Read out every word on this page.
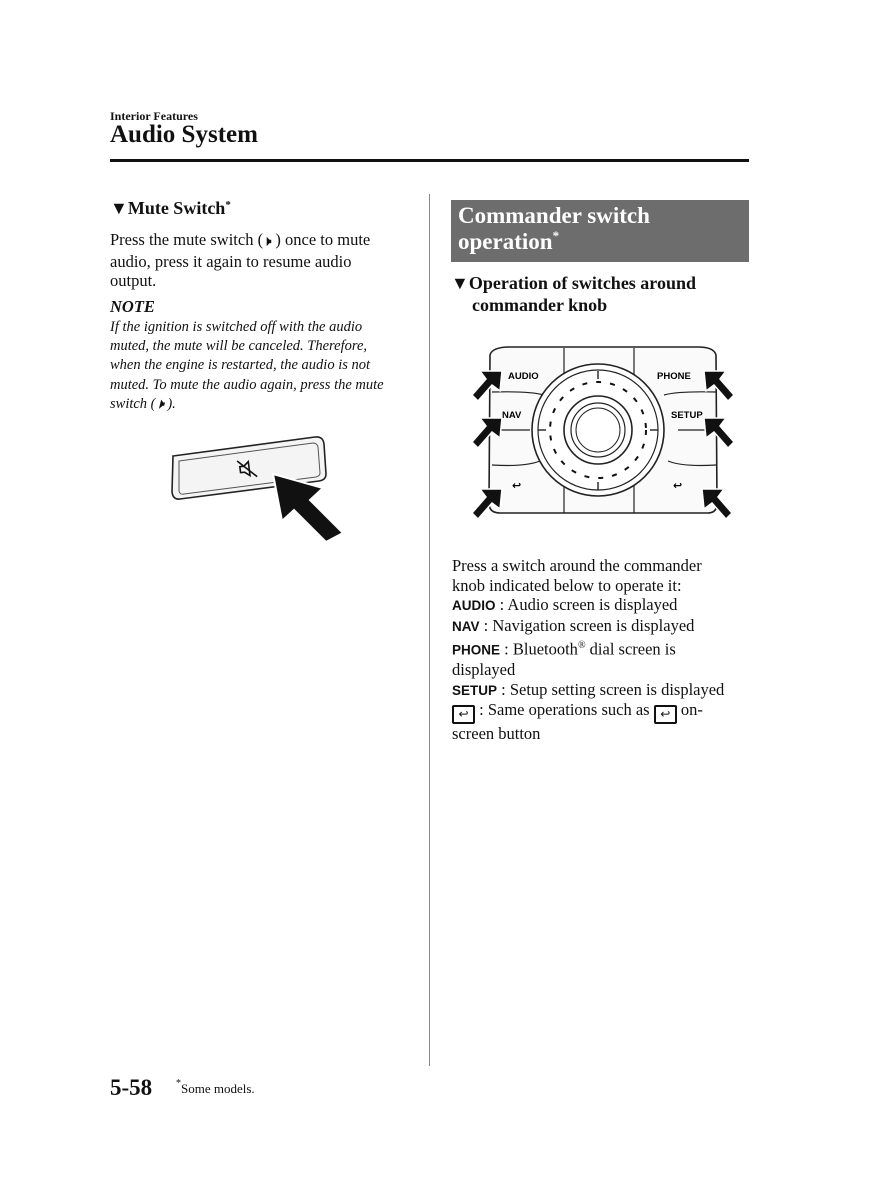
Interior Features
Audio System
▼Mute Switch*
Press the mute switch (🕨 ) once to mute
audio, press it again to resume audio
output.
NOTE
If the ignition is switched off with the audio
muted, the mute will be canceled. Therefore,
when the engine is restarted, the audio is not
muted. To mute the audio again, press the mute
switch (🕨 ).
Commander switch
operation*
▼Operation of switches around
commander knob
AUDIO	PHONE
NAV	SETUP
↩	↩
Press a switch around the commander
knob indicated below to operate it:
AUDIO : Audio screen is displayed
NAV : Navigation screen is displayed
PHONE : Bluetooth® dial screen is
displayed
SETUP : Setup setting screen is displayed
↩ : Same operations such as ↩ on-
screen button
5-58 *Some models.
